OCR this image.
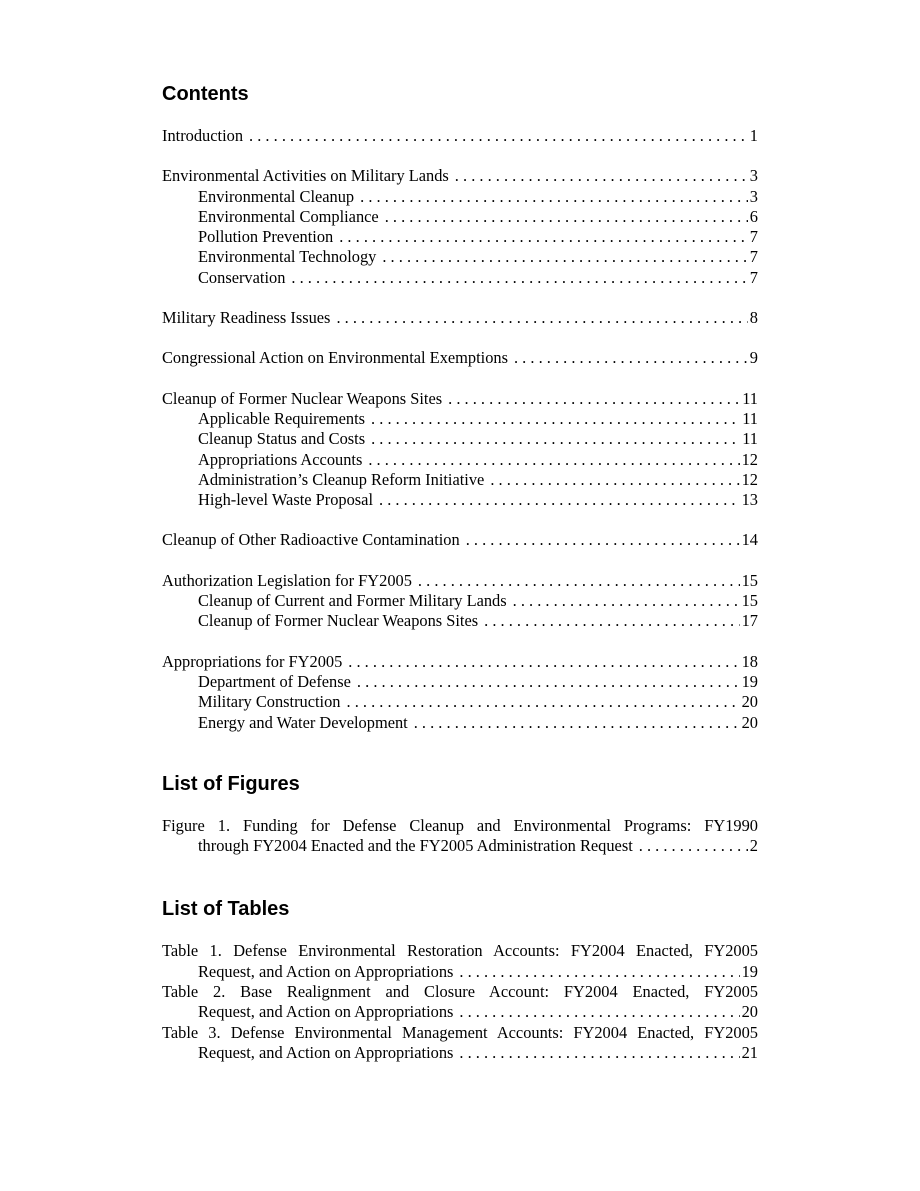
Contents
Introduction . . .	1
Environmental Activities on Military Lands . . .	3
Environmental Cleanup . . .	3
Environmental Compliance . . .	6
Pollution Prevention . . .	7
Environmental Technology . . .	7
Conservation . . .	7
Military Readiness Issues . . .	8
Congressional Action on Environmental Exemptions . . .	9
Cleanup of Former Nuclear Weapons Sites . . .	11
Applicable Requirements . . .	11
Cleanup Status and Costs . . .	11
Appropriations Accounts . . .	12
Administration’s Cleanup Reform Initiative . . .	12
High-level Waste Proposal . . .	13
Cleanup of Other Radioactive Contamination . . .	14
Authorization Legislation for FY2005 . . .	15
Cleanup of Current and Former Military Lands . . .	15
Cleanup of Former Nuclear Weapons Sites . . .	17
Appropriations for FY2005 . . .	18
Department of Defense . . .	19
Military Construction . . .	20
Energy and Water Development . . .	20
List of Figures
Figure 1. Funding for Defense Cleanup and Environmental Programs: FY1990
through FY2004 Enacted and the FY2005 Administration Request . . .	2
List of Tables
Table 1. Defense Environmental Restoration Accounts: FY2004 Enacted, FY2005
Request, and Action on Appropriations . . .	19
Table 2. Base Realignment and Closure Account: FY2004 Enacted, FY2005
Request, and Action on Appropriations . . .	20
Table 3. Defense Environmental Management Accounts: FY2004 Enacted, FY2005
Request, and Action on Appropriations . . .	21
